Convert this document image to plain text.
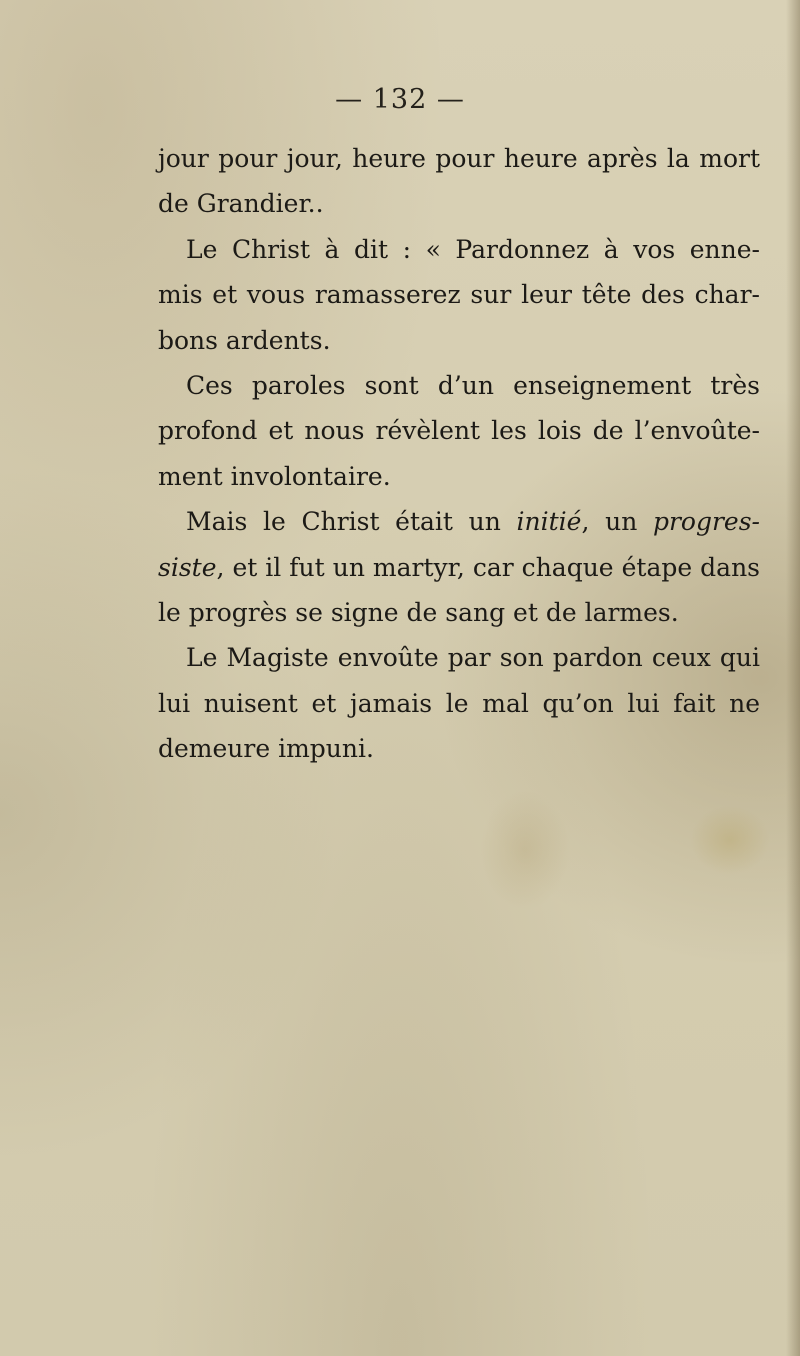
— 132 —
jour pour jour, heure pour heure après la mort
de Grandier..
Le Christ à dit : « Pardonnez à vos enne-
mis et vous ramasserez sur leur tête des char-
bons ardents.
Ces paroles sont d’un enseignement très
profond et nous révèlent les lois de l’envoûte-
ment involontaire.
Mais le Christ était un initié, un progres-
siste, et il fut un martyr, car chaque étape dans
le progrès se signe de sang et de larmes.
Le Magiste envoûte par son pardon ceux qui
lui nuisent et jamais le mal qu’on lui fait ne
demeure impuni.
